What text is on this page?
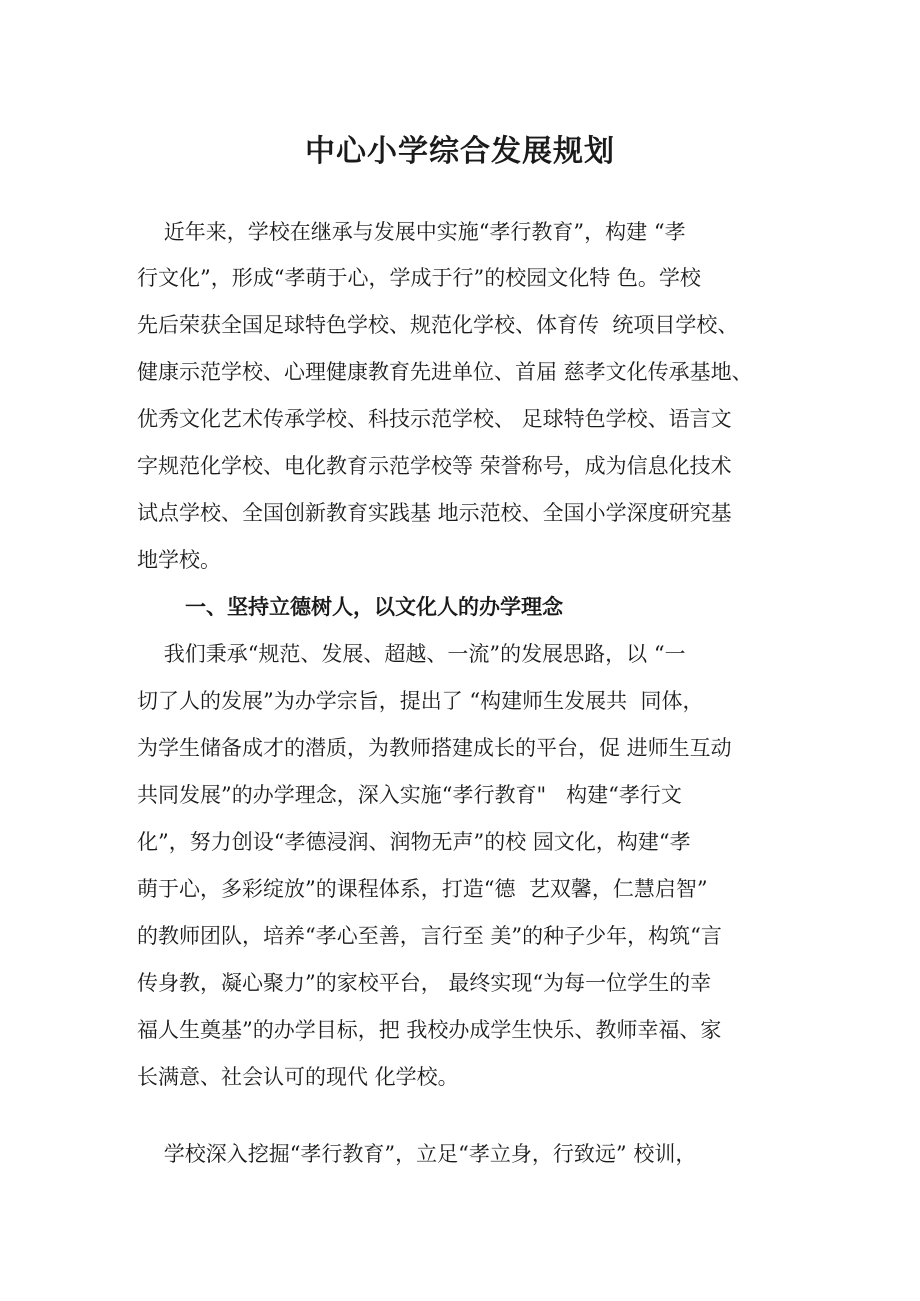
中心小学综合发展规划
近年来，学校在继承与发展中实施“孝行教育”，构建 “孝
行文化”，形成“孝萌于心，学成于行”的校园文化特 色。学校
先后荣获全国足球特色学校、规范化学校、体育传  统项目学校、
健康示范学校、心理健康教育先进单位、首届 慈孝文化传承基地、
优秀文化艺术传承学校、科技示范学校、 足球特色学校、语言文
字规范化学校、电化教育示范学校等 荣誉称号，成为信息化技术
试点学校、全国创新教育实践基 地示范校、全国小学深度研究基
地学校。
一、坚持立德树人，以文化人的办学理念
我们秉承“规范、发展、超越、一流”的发展思路，以 “一
切了人的发展”为办学宗旨，提出了 “构建师生发展共  同体，
为学生储备成才的潜质，为教师搭建成长的平台，促 进师生互动
共同发展”的办学理念，深入实施“孝行教育"   构建“孝行文
化”，努力创设“孝德浸润、润物无声”的校 园文化，构建“孝
萌于心，多彩绽放”的课程体系，打造“德  艺双馨，仁慧启智”
的教师团队，培养“孝心至善，言行至 美”的种子少年，构筑“言
传身教，凝心聚力”的家校平台， 最终实现“为每一位学生的幸
福人生奠基”的办学目标，把 我校办成学生快乐、教师幸福、家
长满意、社会认可的现代 化学校。
学校深入挖掘“孝行教育”，立足“孝立身，行致远” 校训，
